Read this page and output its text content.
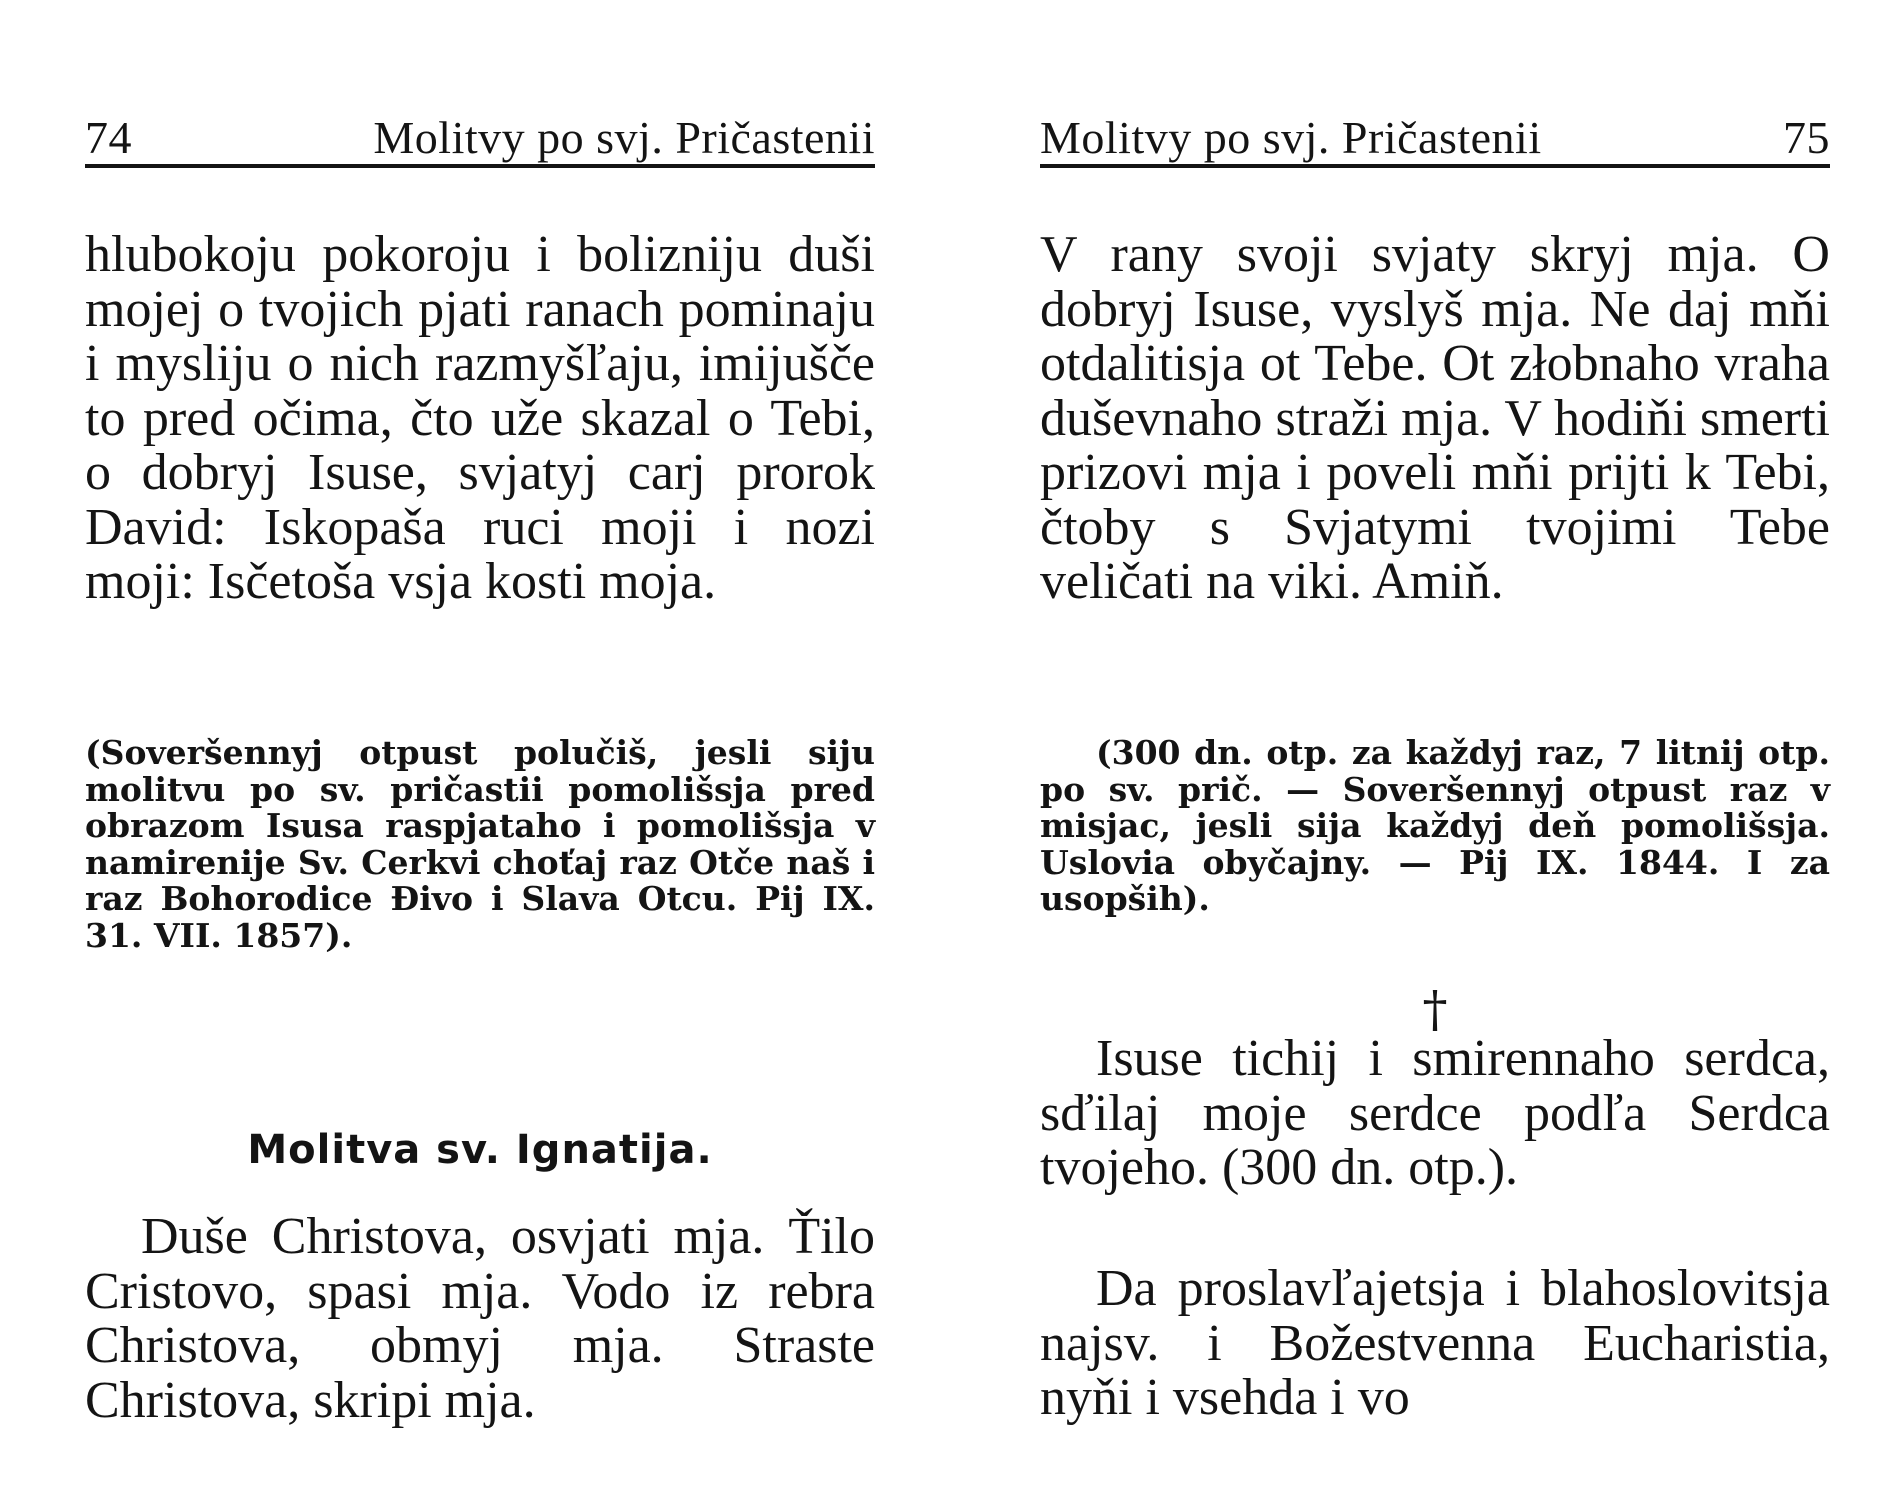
74	Molitvy po svj. Pričastenii

hlubokoju pokoroju i bolizniju duši mojej o tvojich pjati ranach pominaju i mysliju o nich razmyšľaju, imijušče to pred očima, čto uže skazal o Tebi, o dobryj Isuse, svjatyj carj prorok David: Iskopaša ruci moji i nozi moji: Isčetoša vsja kosti moja.

(Soveršennyj otpust polučiš, jesli siju molitvu po sv. pričastii pomolišsja pred obrazom Isusa raspjataho i pomolišsja v namirenije Sv. Cerkvi choťaj raz Otče naš i raz Bohorodice Đivo i Slava Otcu. Pij IX. 31. VII. 1857).

Molitva sv. Ignatija.

Duše Christova, osvjati mja. Ťilo Cristovo, spasi mja. Vodo iz rebra Christova, obmyj mja. Straste Christova, skripi mja.

Molitvy po svj. Pričastenii	75

V rany svoji svjaty skryj mja. O dobryj Isuse, vyslyš mja. Ne daj mňi otdalitisja ot Tebe. Ot złobnaho vraha duševnaho straži mja. V hodiňi smerti prizovi mja i poveli mňi prijti k Tebi, čtoby s Svjatymi tvojimi Tebe veličati na viki. Amiň.

(300 dn. otp. za každyj raz, 7 litnij otp. po sv. prič. — Soveršennyj otpust raz v misjac, jesli sija každyj deň pomolišsja. Uslovia obyčajny. — Pij IX. 1844. I za usopših).

†

Isuse tichij i smirennaho serdca, sďilaj moje serdce podľa Serdca tvojeho. (300 dn. otp.).

Da proslavľajetsja i blahoslovitsja najsv. i Božestvenna Eucharistia, nyňi i vsehda i vo
